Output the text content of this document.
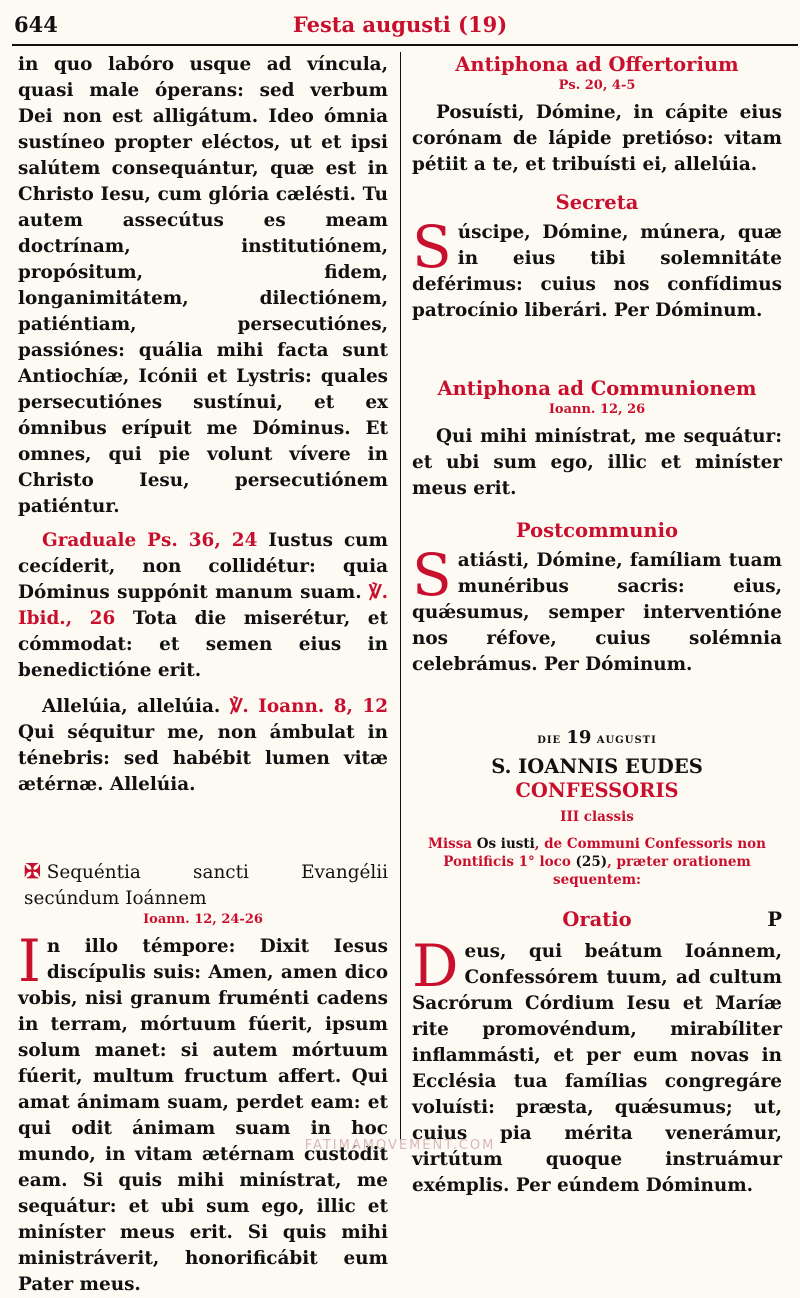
644	Festa augusti (19)

in quo labóro usque ad víncula, quasi male óperans: sed verbum Dei non est alligátum. Ideo ómnia sustíneo propter eléctos, ut et ipsi salútem consequántur, quæ est in Christo Iesu, cum glória cælésti. Tu autem assecútus es meam doctrínam, institutiónem, propósitum, fidem, longanimitátem, dilectiónem, patiéntiam, persecutiónes, passiónes: quália mihi facta sunt Antiochíæ, Icónii et Lystris: quales persecutiónes sustínui, et ex ómnibus erípuit me Dóminus. Et omnes, qui pie volunt vívere in Christo Iesu, persecutiónem patiéntur.

Graduale Ps. 36, 24 Iustus cum cecíderit, non collidétur: quia Dóminus suppónit manum suam. ℣. Ibid., 26 Tota die miserétur, et cómmodat: et semen eius in benedictióne erit.

Allelúia, allelúia. ℣. Ioann. 8, 12 Qui séquitur me, non ámbulat in ténebris: sed habébit lumen vitæ ætérnæ. Allelúia.

✠ Sequéntia sancti Evangélii secúndum Ioánnem

Ioann. 12, 24-26

In illo témpore: Dixit Iesus discípulis suis: Amen, amen dico vobis, nisi granum fruménti cadens in terram, mórtuum fúerit, ipsum solum manet: si autem mórtuum fúerit, multum fructum affert. Qui amat ánimam suam, perdet eam: et qui odit ánimam suam in hoc mundo, in vitam ætérnam custódit eam. Si quis mihi minístrat, me sequátur: et ubi sum ego, illic et miníster meus erit. Si quis mihi ministráverit, honorificábit eum Pater meus.

Antiphona ad Offertorium

Ps. 20, 4-5

Posuísti, Dómine, in cápite eius corónam de lápide pretióso: vitam pétiit a te, et tribuísti ei, allelúia.

Secreta

Súscipe, Dómine, múnera, quæ in eius tibi solemnitáte deférimus: cuius nos confídimus patrocínio liberári. Per Dóminum.

Antiphona ad Communionem

Ioann. 12, 26

Qui mihi minístrat, me sequátur: et ubi sum ego, illic et miníster meus erit.

Postcommunio

Satiásti, Dómine, famíliam tuam munéribus sacris: eius, quǽsumus, semper interventióne nos réfove, cuius solémnia celebrámus. Per Dóminum.

die 19 augusti

S. IOANNIS EUDES

CONFESSORIS

III classis

Missa Os iusti, de Communi Confessoris non Pontificis 1° loco (25), præter orationem sequentem:

Oratio	P

Deus, qui beátum Ioánnem, Confessórem tuum, ad cultum Sacrórum Córdium Iesu et Maríæ rite promovéndum, mirabíliter inflammásti, et per eum novas in Ecclésia tua famílias congregáre voluísti: præsta, quǽsumus; ut, cuius pia mérita venerámur, virtútum quoque instruámur exémplis. Per eúndem Dóminum.

FATIMAMOVEMENT.COM
